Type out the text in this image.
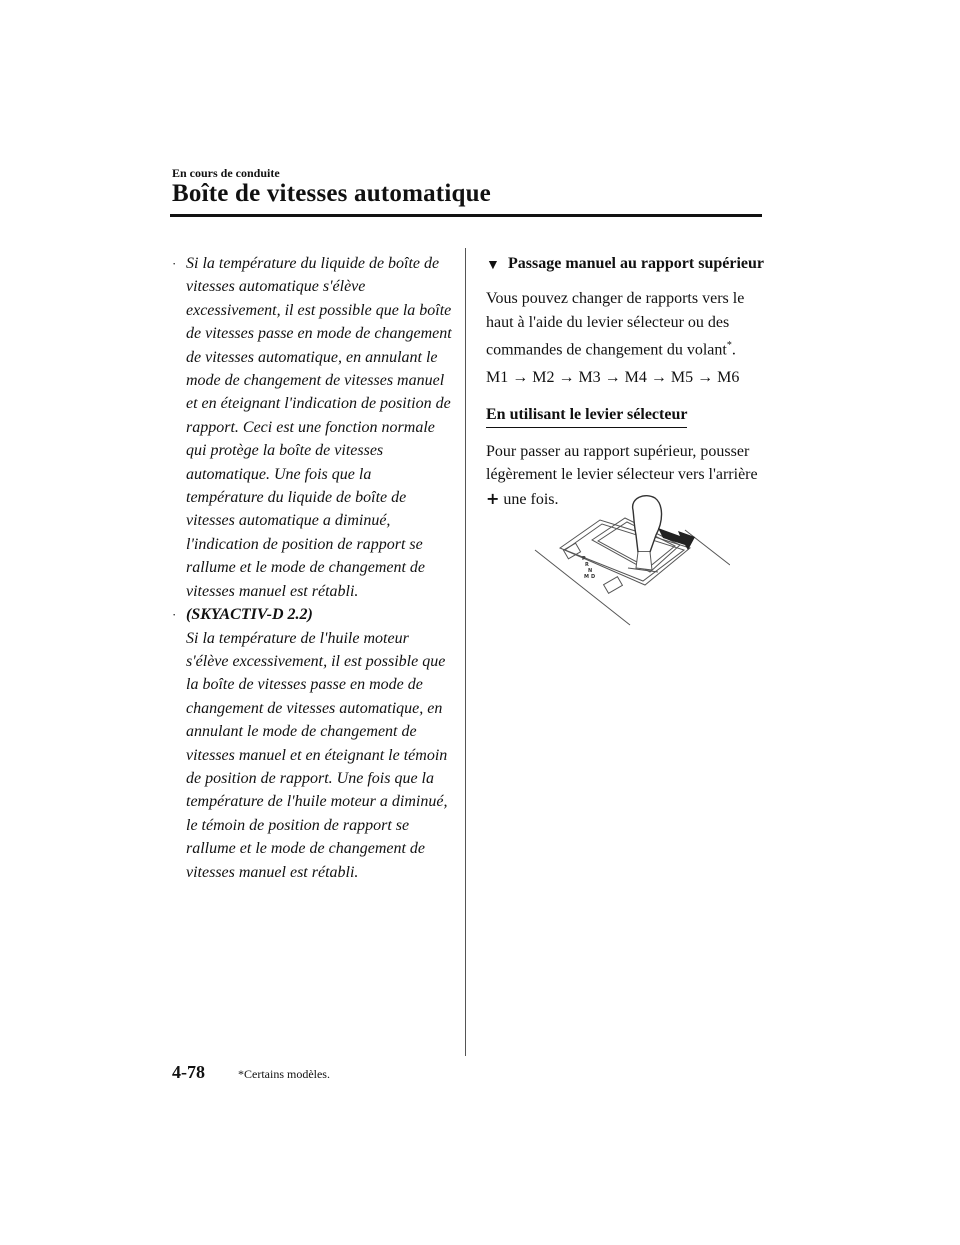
En cours de conduite
Boîte de vitesses automatique
· Si la température du liquide de boîte de vitesses automatique s'élève excessivement, il est possible que la boîte de vitesses passe en mode de changement de vitesses automatique, en annulant le mode de changement de vitesses manuel et en éteignant l'indication de position de rapport. Ceci est une fonction normale qui protège la boîte de vitesses automatique. Une fois que la température du liquide de boîte de vitesses automatique a diminué, l'indication de position de rapport se rallume et le mode de changement de vitesses manuel est rétabli.

· (SKYACTIV-D 2.2)

Si la température de l'huile moteur s'élève excessivement, il est possible que la boîte de vitesses passe en mode de changement de vitesses automatique, en annulant le mode de changement de vitesses manuel et en éteignant le témoin de position de rapport. Une fois que la température de l'huile moteur a diminué, le témoin de position de rapport se rallume et le mode de changement de vitesses manuel est rétabli.

▼ Passage manuel au rapport supérieur

Vous pouvez changer de rapports vers le haut à l'aide du levier sélecteur ou des commandes de changement du volant*.

M1 → M2 → M3 → M4 → M5 → M6
En utilisant le levier sélecteur

Pour passer au rapport supérieur, pousser légèrement le levier sélecteur vers l'arrière
+ une fois.

P
R
N
D
M
4-78	*Certains modèles.
